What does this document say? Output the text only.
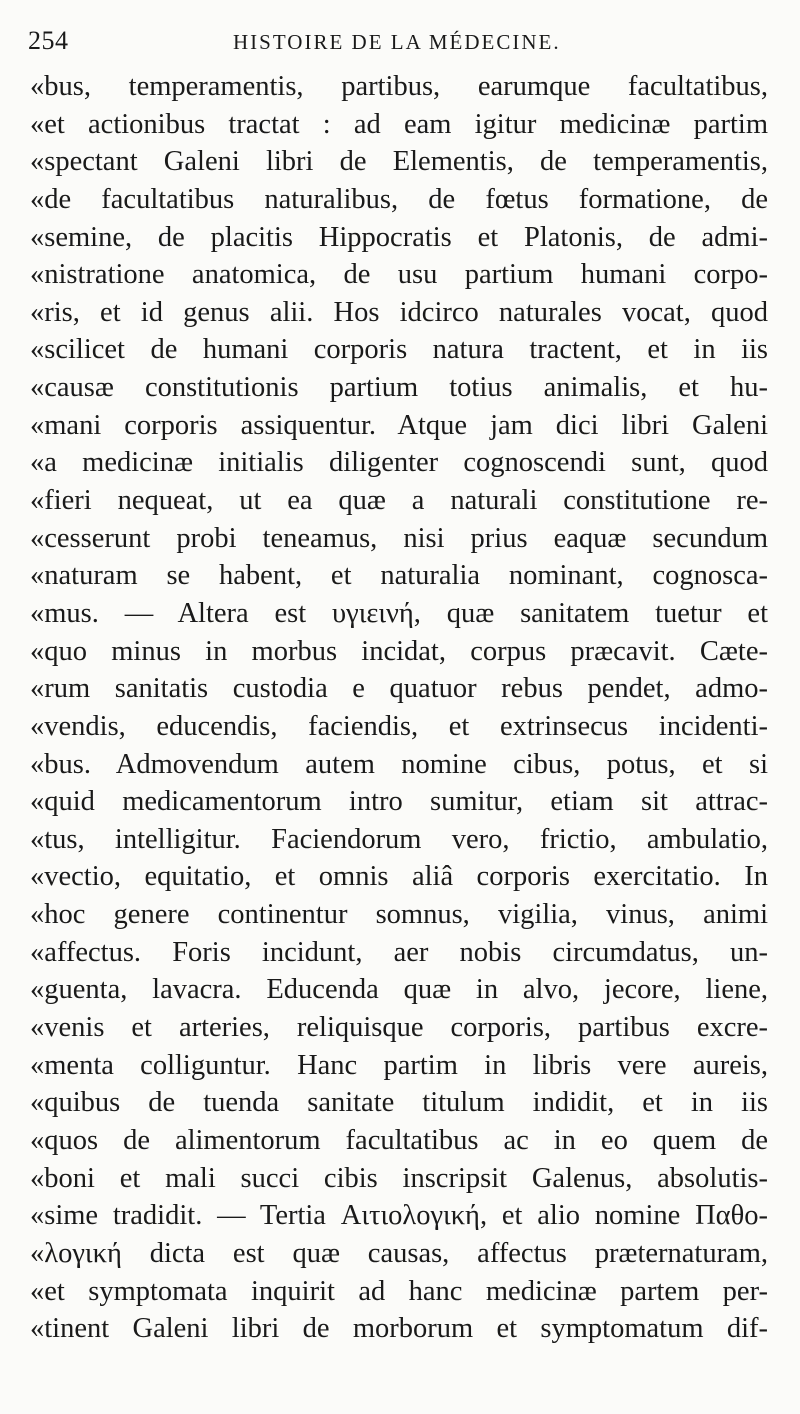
254	HISTOIRE DE LA MÉDECINE.
«bus, temperamentis, partibus, earumque facultatibus,
«et actionibus tractat : ad eam igitur medicinæ partim
«spectant Galeni libri de Elementis, de temperamentis,
«de facultatibus naturalibus, de fœtus formatione, de
«semine, de placitis Hippocratis et Platonis, de admi-
«nistratione anatomica, de usu partium humani corpo-
«ris, et id genus alii. Hos idcirco naturales vocat, quod
«scilicet de humani corporis natura tractent, et in iis
«causæ constitutionis partium totius animalis, et hu-
«mani corporis assiquentur. Atque jam dici libri Galeni
«a medicinæ initialis diligenter cognoscendi sunt, quod
«fieri nequeat, ut ea quæ a naturali constitutione re-
«cesserunt probi teneamus, nisi prius eaquæ secundum
«naturam se habent, et naturalia nominant, cognosca-
«mus. — Altera est υγιεινή, quæ sanitatem tuetur et
«quo minus in morbus incidat, corpus præcavit. Cæte-
«rum sanitatis custodia e quatuor rebus pendet, admo-
«vendis, educendis, faciendis, et extrinsecus incidenti-
«bus. Admovendum autem nomine cibus, potus, et si
«quid medicamentorum intro sumitur, etiam sit attrac-
«tus, intelligitur. Faciendorum vero, frictio, ambulatio,
«vectio, equitatio, et omnis aliâ corporis exercitatio. In
«hoc genere continentur somnus, vigilia, vinus, animi
«affectus. Foris incidunt, aer nobis circumdatus, un-
«guenta, lavacra. Educenda quæ in alvo, jecore, liene,
«venis et arteries, reliquisque corporis, partibus excre-
«menta colliguntur. Hanc partim in libris vere aureis,
«quibus de tuenda sanitate titulum indidit, et in iis
«quos de alimentorum facultatibus ac in eo quem de
«boni et mali succi cibis inscripsit Galenus, absolutis-
«sime tradidit. — Tertia Αιτιολογική, et alio nomine Παθο-
«λογική dicta est quæ causas, affectus præternaturam,
«et symptomata inquirit ad hanc medicinæ partem per-
«tinent Galeni libri de morborum et symptomatum dif-
